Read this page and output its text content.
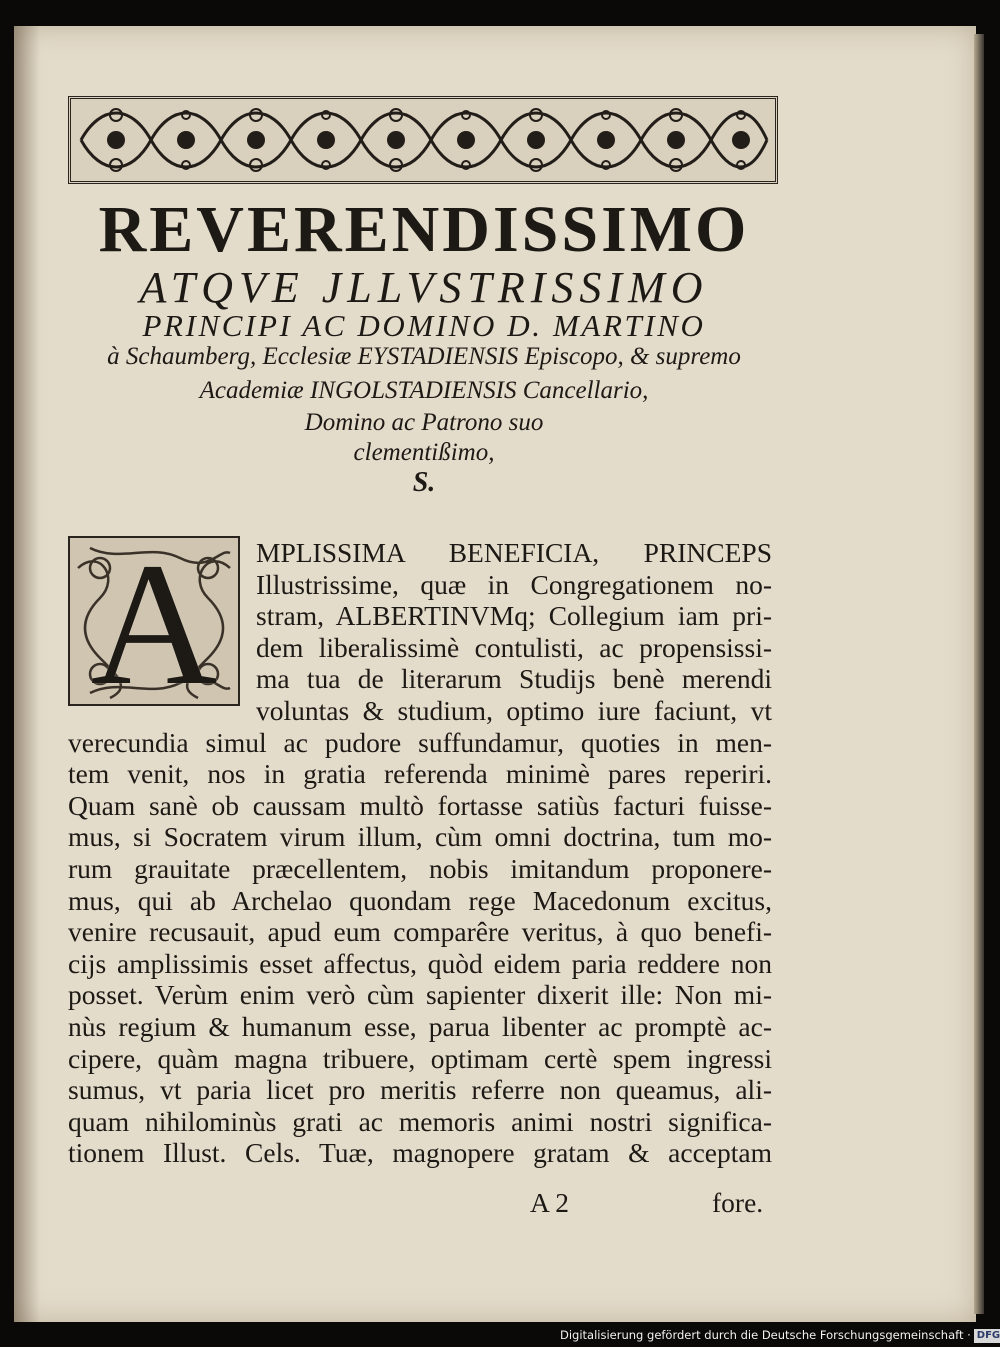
REVERENDISSIMO
ATQVE JLLVSTRISSIMO
PRINCIPI AC DOMINO D. MARTINO
à Schaumberg, Ecclesiæ EYSTADIENSIS Episcopo, & supremo
Academiæ INGOLSTADIENSIS Cancellario,
Domino ac Patrono suo
clementißimo,
S.
A	MPLISSIMA BENEFICIA, PRINCEPS

Illustrissime, quæ in Congregationem no-

stram, ALBERTINVMq; Collegium iam pri-

dem liberalissimè contulisti, ac propensissi-

ma tua de literarum Studijs benè merendi

voluntas & studium, optimo iure faciunt, vt

verecundia simul ac pudore suffundamur, quoties in men-

tem venit, nos in gratia referenda minimè pares reperiri.

Quam sanè ob caussam multò fortasse satiùs facturi fuisse-

mus, si Socratem virum illum, cùm omni doctrina, tum mo-

rum grauitate præcellentem, nobis imitandum proponere-

mus, qui ab Archelao quondam rege Macedonum excitus,

venire recusauit, apud eum comparêre veritus, à quo benefi-

cijs amplissimis esset affectus, quòd eidem paria reddere non

posset. Verùm enim verò cùm sapienter dixerit ille: Non mi-

nùs regium & humanum esse, parua libenter ac promptè ac-

cipere, quàm magna tribuere, optimam certè spem ingressi

sumus, vt paria licet pro meritis referre non queamus, ali-

quam nihilominùs grati ac memoris animi nostri significa-

tionem Illust. Cels. Tuæ, magnopere gratam & acceptam

A 2	fore.
Digitalisierung gefördert durch die Deutsche Forschungsgemeinschaft · DFG
